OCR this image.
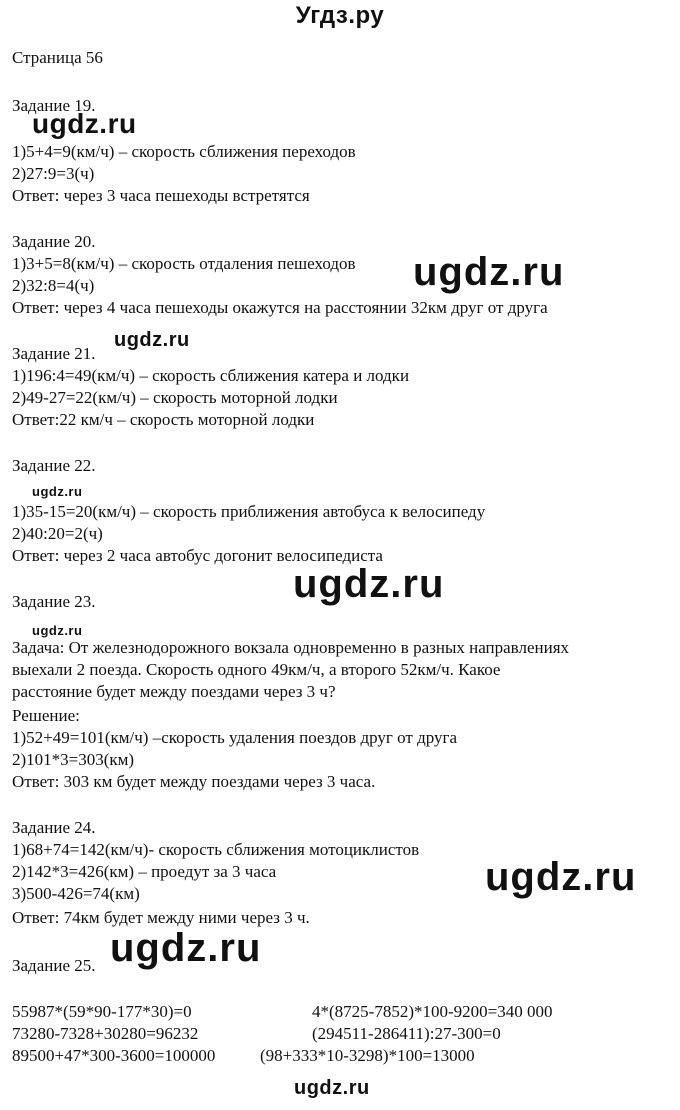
Угдз.ру
Страница 56
Задание 19.
1)5+4=9(км/ч) – скорость сближения переходов
2)27:9=3(ч)
Ответ: через 3 часа пешеходы встретятся
Задание 20.
1)3+5=8(км/ч) – скорость отдаления пешеходов
2)32:8=4(ч)
Ответ: через 4 часа пешеходы окажутся на расстоянии 32км друг от друга
Задание 21.
1)196:4=49(км/ч) – скорость сближения катера и лодки
2)49-27=22(км/ч) – скорость моторной лодки
Ответ:22 км/ч – скорость моторной лодки
Задание 22.
1)35-15=20(км/ч) – скорость приближения автобуса к велосипеду
2)40:20=2(ч)
Ответ: через 2 часа автобус догонит велосипедиста
Задание 23.
Задача: От железнодорожного вокзала одновременно в разных направлениях
выехали 2 поезда. Скорость одного 49км/ч, а второго 52км/ч. Какое
расстояние будет между поездами через 3 ч?
Решение:
1)52+49=101(км/ч) –скорость удаления поездов друг от друга
2)101*3=303(км)
Ответ: 303 км будет между поездами через 3 часа.
Задание 24.
1)68+74=142(км/ч)- скорость сближения мотоциклистов
2)142*3=426(км) – проедут за 3 часа
3)500-426=74(км)
Ответ: 74км будет между ними через 3 ч.
Задание 25.
55987*(59*90-177*30)=0
73280-7328+30280=96232
89500+47*300-3600=100000
4*(8725-7852)*100-9200=340 000
(294511-286411):27-300=0
(98+333*10-3298)*100=13000
ugdz.ru
ugdz.ru
ugdz.ru
ugdz.ru
ugdz.ru
ugdz.ru
ugdz.ru
ugdz.ru
ugdz.ru
